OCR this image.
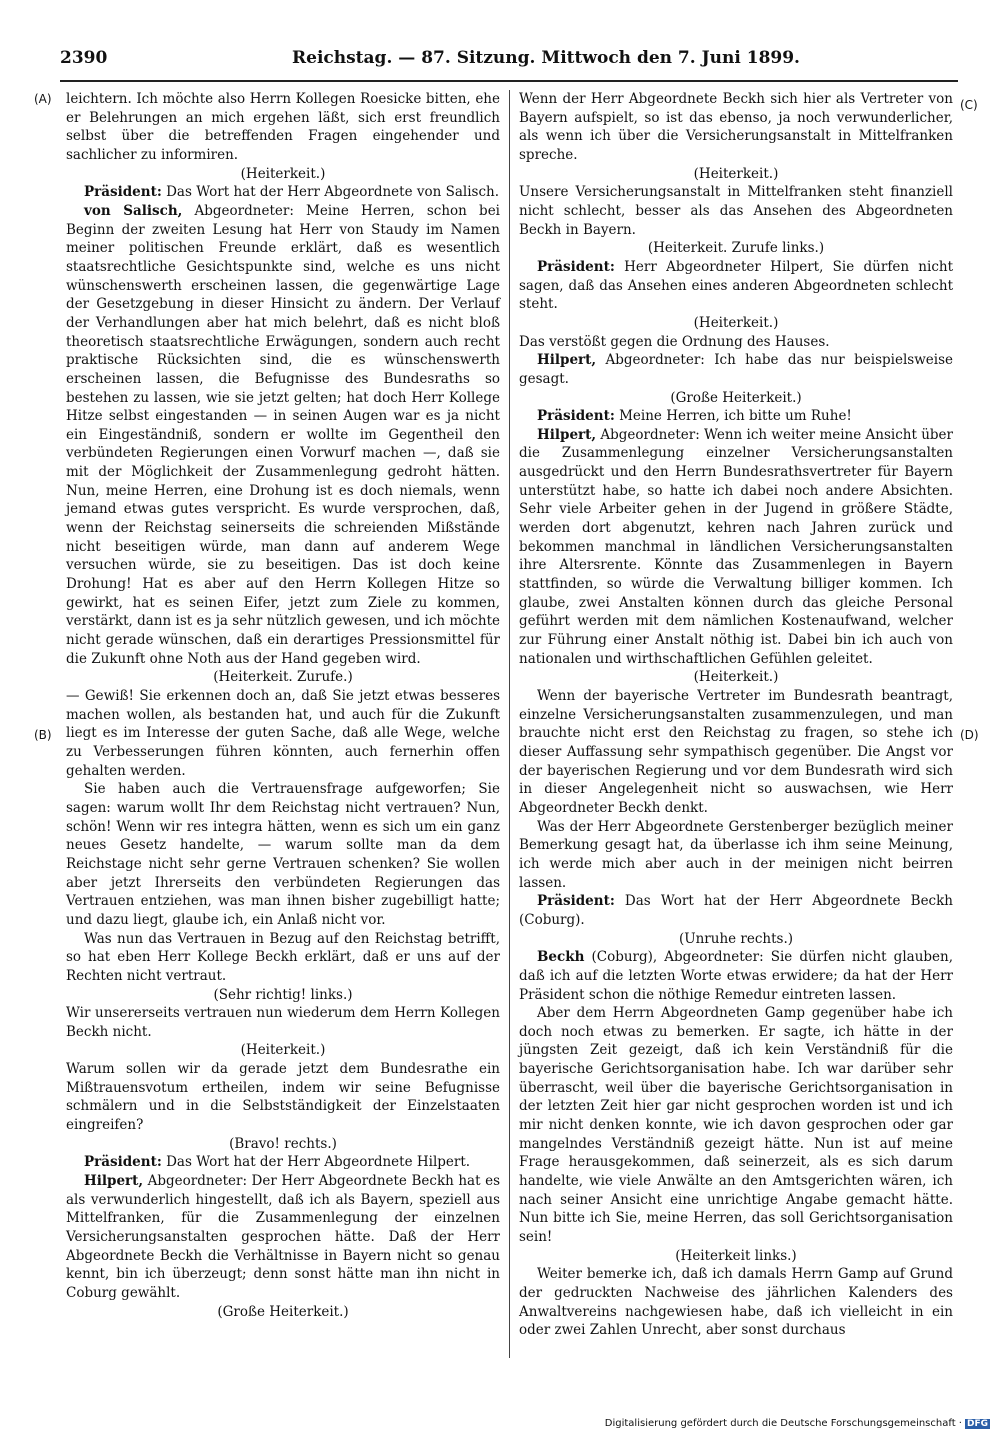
2390	Reichstag. — 87. Sitzung. Mittwoch den 7. Juni 1899.
(A)
(B)
(C)
(D)

leichtern. Ich möchte also Herrn Kollegen Roesicke bitten, ehe er Belehrungen an mich ergehen läßt, sich erst freundlich selbst über die betreffenden Fragen eingehender und sachlicher zu informiren.

(Heiterkeit.)

Präsident: Das Wort hat der Herr Abgeordnete von Salisch.

von Salisch, Abgeordneter: Meine Herren, schon bei Beginn der zweiten Lesung hat Herr von Staudy im Namen meiner politischen Freunde erklärt, daß es wesentlich staatsrechtliche Gesichtspunkte sind, welche es uns nicht wünschenswerth erscheinen lassen, die gegenwärtige Lage der Gesetzgebung in dieser Hinsicht zu ändern. Der Verlauf der Verhandlungen aber hat mich belehrt, daß es nicht bloß theoretisch staatsrechtliche Erwägungen, sondern auch recht praktische Rücksichten sind, die es wünschenswerth erscheinen lassen, die Befugnisse des Bundesraths so bestehen zu lassen, wie sie jetzt gelten; hat doch Herr Kollege Hitze selbst eingestanden — in seinen Augen war es ja nicht ein Eingeständniß, sondern er wollte im Gegentheil den verbündeten Regierungen einen Vorwurf machen —, daß sie mit der Möglichkeit der Zusammenlegung gedroht hätten. Nun, meine Herren, eine Drohung ist es doch niemals, wenn jemand etwas gutes verspricht. Es wurde versprochen, daß, wenn der Reichstag seinerseits die schreienden Mißstände nicht beseitigen würde, man dann auf anderem Wege versuchen würde, sie zu beseitigen. Das ist doch keine Drohung! Hat es aber auf den Herrn Kollegen Hitze so gewirkt, hat es seinen Eifer, jetzt zum Ziele zu kommen, verstärkt, dann ist es ja sehr nützlich gewesen, und ich möchte nicht gerade wünschen, daß ein derartiges Pressionsmittel für die Zukunft ohne Noth aus der Hand gegeben wird.

(Heiterkeit. Zurufe.)

— Gewiß! Sie erkennen doch an, daß Sie jetzt etwas besseres machen wollen, als bestanden hat, und auch für die Zukunft liegt es im Interesse der guten Sache, daß alle Wege, welche zu Verbesserungen führen könnten, auch fernerhin offen gehalten werden.

Sie haben auch die Vertrauensfrage aufgeworfen; Sie sagen: warum wollt Ihr dem Reichstag nicht vertrauen? Nun, schön! Wenn wir res integra hätten, wenn es sich um ein ganz neues Gesetz handelte, — warum sollte man da dem Reichstage nicht sehr gerne Vertrauen schenken? Sie wollen aber jetzt Ihrerseits den verbündeten Regierungen das Vertrauen entziehen, was man ihnen bisher zugebilligt hatte; und dazu liegt, glaube ich, ein Anlaß nicht vor.

Was nun das Vertrauen in Bezug auf den Reichstag betrifft, so hat eben Herr Kollege Beckh erklärt, daß er uns auf der Rechten nicht vertraut.

(Sehr richtig! links.)

Wir unsererseits vertrauen nun wiederum dem Herrn Kollegen Beckh nicht.

(Heiterkeit.)

Warum sollen wir da gerade jetzt dem Bundesrathe ein Mißtrauensvotum ertheilen, indem wir seine Befugnisse schmälern und in die Selbstständigkeit der Einzelstaaten eingreifen?

(Bravo! rechts.)

Präsident: Das Wort hat der Herr Abgeordnete Hilpert.

Hilpert, Abgeordneter: Der Herr Abgeordnete Beckh hat es als verwunderlich hingestellt, daß ich als Bayern, speziell aus Mittelfranken, für die Zusammenlegung der einzelnen Versicherungsanstalten gesprochen hätte. Daß der Herr Abgeordnete Beckh die Verhältnisse in Bayern nicht so genau kennt, bin ich überzeugt; denn sonst hätte man ihn nicht in Coburg gewählt.

(Große Heiterkeit.)

Wenn der Herr Abgeordnete Beckh sich hier als Vertreter von Bayern aufspielt, so ist das ebenso, ja noch verwunderlicher, als wenn ich über die Versicherungsanstalt in Mittelfranken spreche.

(Heiterkeit.)

Unsere Versicherungsanstalt in Mittelfranken steht finanziell nicht schlecht, besser als das Ansehen des Abgeordneten Beckh in Bayern.

(Heiterkeit. Zurufe links.)

Präsident: Herr Abgeordneter Hilpert, Sie dürfen nicht sagen, daß das Ansehen eines anderen Abgeordneten schlecht steht.

(Heiterkeit.)

Das verstößt gegen die Ordnung des Hauses.

Hilpert, Abgeordneter: Ich habe das nur beispielsweise gesagt.

(Große Heiterkeit.)

Präsident: Meine Herren, ich bitte um Ruhe!

Hilpert, Abgeordneter: Wenn ich weiter meine Ansicht über die Zusammenlegung einzelner Versicherungsanstalten ausgedrückt und den Herrn Bundesrathsvertreter für Bayern unterstützt habe, so hatte ich dabei noch andere Absichten. Sehr viele Arbeiter gehen in der Jugend in größere Städte, werden dort abgenutzt, kehren nach Jahren zurück und bekommen manchmal in ländlichen Versicherungsanstalten ihre Altersrente. Könnte das Zusammenlegen in Bayern stattfinden, so würde die Verwaltung billiger kommen. Ich glaube, zwei Anstalten können durch das gleiche Personal geführt werden mit dem nämlichen Kostenaufwand, welcher zur Führung einer Anstalt nöthig ist. Dabei bin ich auch von nationalen und wirthschaftlichen Gefühlen geleitet.

(Heiterkeit.)

Wenn der bayerische Vertreter im Bundesrath beantragt, einzelne Versicherungsanstalten zusammenzulegen, und man brauchte nicht erst den Reichstag zu fragen, so stehe ich dieser Auffassung sehr sympathisch gegenüber. Die Angst vor der bayerischen Regierung und vor dem Bundesrath wird sich in dieser Angelegenheit nicht so auswachsen, wie Herr Abgeordneter Beckh denkt.

Was der Herr Abgeordnete Gerstenberger bezüglich meiner Bemerkung gesagt hat, da überlasse ich ihm seine Meinung, ich werde mich aber auch in der meinigen nicht beirren lassen.

Präsident: Das Wort hat der Herr Abgeordnete Beckh (Coburg).

(Unruhe rechts.)

Beckh (Coburg), Abgeordneter: Sie dürfen nicht glauben, daß ich auf die letzten Worte etwas erwidere; da hat der Herr Präsident schon die nöthige Remedur eintreten lassen.

Aber dem Herrn Abgeordneten Gamp gegenüber habe ich doch noch etwas zu bemerken. Er sagte, ich hätte in der jüngsten Zeit gezeigt, daß ich kein Verständniß für die bayerische Gerichtsorganisation habe. Ich war darüber sehr überrascht, weil über die bayerische Gerichtsorganisation in der letzten Zeit hier gar nicht gesprochen worden ist und ich mir nicht denken konnte, wie ich davon gesprochen oder gar mangelndes Verständniß gezeigt hätte. Nun ist auf meine Frage herausgekommen, daß seinerzeit, als es sich darum handelte, wie viele Anwälte an den Amtsgerichten wären, ich nach seiner Ansicht eine unrichtige Angabe gemacht hätte. Nun bitte ich Sie, meine Herren, das soll Gerichtsorganisation sein!

(Heiterkeit links.)

Weiter bemerke ich, daß ich damals Herrn Gamp auf Grund der gedruckten Nachweise des jährlichen Kalenders des Anwaltvereins nachgewiesen habe, daß ich vielleicht in ein oder zwei Zahlen Unrecht, aber sonst durchaus

Digitalisierung gefördert durch die Deutsche Forschungsgemeinschaft · DFG
